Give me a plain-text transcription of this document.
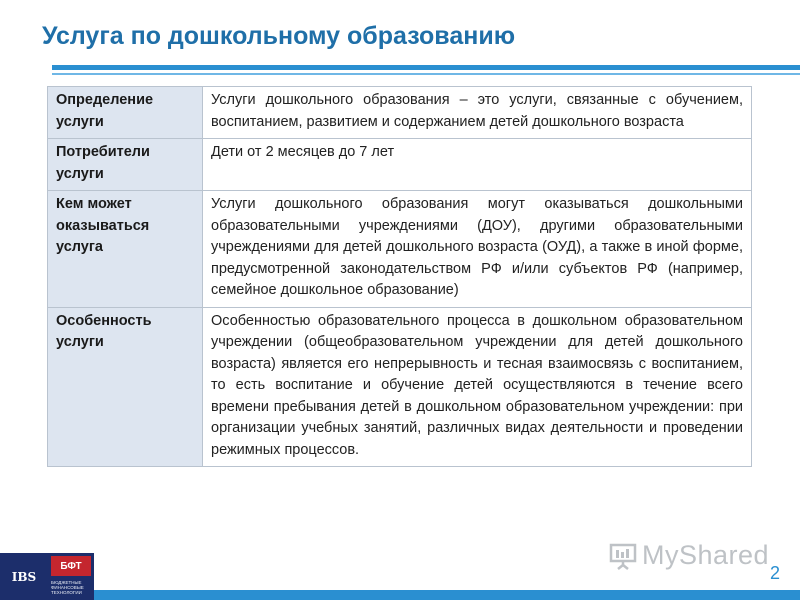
Услуга по дошкольному образованию
Определение услуги	Услуги дошкольного образования – это услуги, связанные с обучением, воспитанием, развитием и содержанием детей дошкольного возраста
Потребители услуги	Дети от 2 месяцев до 7 лет
Кем может оказываться услуга	Услуги дошкольного образования могут оказываться дошкольными образовательными учреждениями (ДОУ), другими образовательными учреждениями для детей дошкольного возраста (ОУД), а также в иной форме, предусмотренной законодательством РФ и/или субъектов РФ (например, семейное дошкольное образование)
Особенность услуги	Особенностью образовательного процесса в дошкольном образовательном учреждении (общеобразовательном учреждении для детей дошкольного возраста) является его непрерывность и тесная взаимосвязь с воспитанием, то есть воспитание и обучение детей осуществляются в течение всего времени пребывания детей в дошкольном образовательном учреждении: при организации учебных занятий, различных видах деятельности и проведении режимных процессов.
IBS
БФТ
БЮДЖЕТНЫЕ
ФИНАНСОВЫЕ
ТЕХНОЛОГИИ
MyShared
2
